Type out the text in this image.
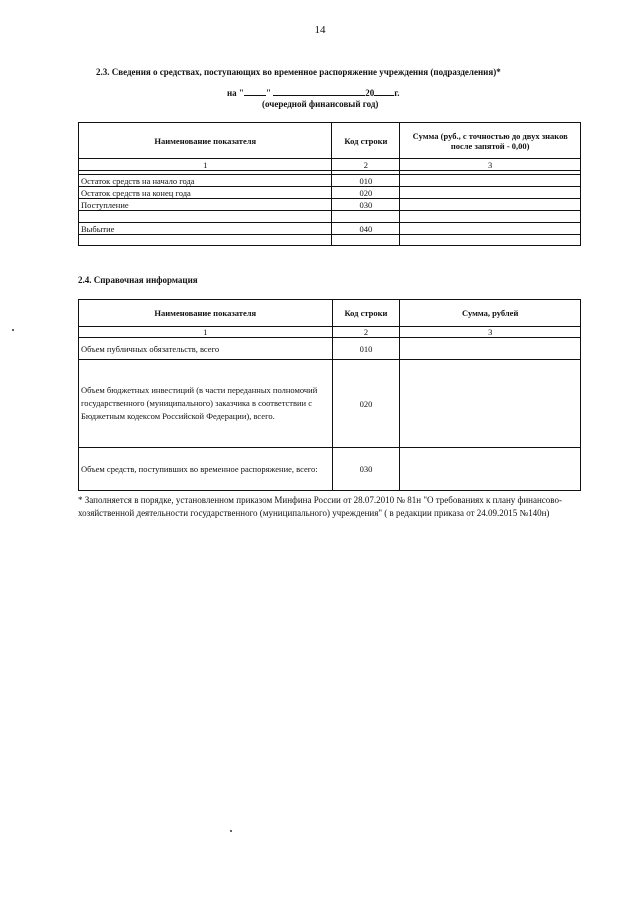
14
2.3. Сведения о средствах, поступающих во временное распоряжение учреждения (подразделения)*
на " "	20 г.
(очередной финансовый год)
Наименование показателя	Код строки	Сумма (руб., с точностью до двух знаков после запятой - 0,00)
1	2	3

Остаток средств на начало года	010	
Остаток средств на конец года	020	
Поступление	030	

Выбытие	040	

2.4. Справочная информация
Наименование показателя	Код строки	Сумма, рублей
1	2	3
Объем публичных обязательств, всего	010	
Объем бюджетных инвестиций (в части переданных полномочий государственного (муниципального) заказчика в соответствии с Бюджетным кодексом Российской Федерации), всего.	020	
Объем средств, поступивших во временное распоряжение, всего:	030	
* Заполняется в порядке, установленном приказом Минфина России от 28.07.2010 № 81н "О требованиях к плану финансово-хозяйственной деятельности государственного (муниципального) учреждения" ( в редакции приказа от 24.09.2015 №140н)
